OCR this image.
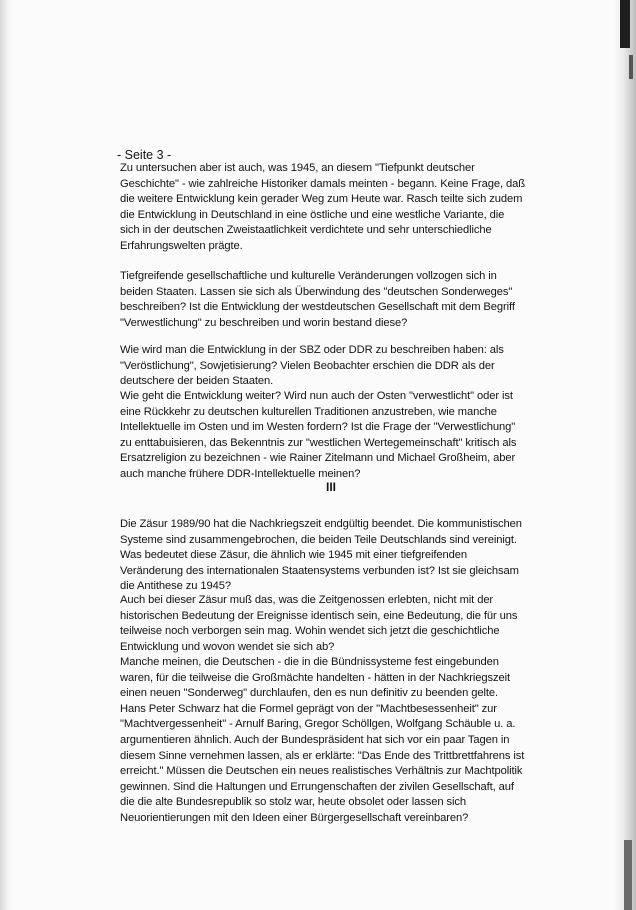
- Seite 3 -

Zu untersuchen aber ist auch, was 1945, an diesem "Tiefpunkt deutscher
Geschichte" - wie zahlreiche Historiker damals meinten - begann. Keine Frage, daß
die weitere Entwicklung kein gerader Weg zum Heute war. Rasch teilte sich zudem
die Entwicklung in Deutschland in eine östliche und eine westliche Variante, die
sich in der deutschen Zweistaatlichkeit verdichtete und sehr unterschiedliche
Erfahrungswelten prägte.

Tiefgreifende gesellschaftliche und kulturelle Veränderungen vollzogen sich in
beiden Staaten. Lassen sie sich als Überwindung des "deutschen Sonderweges"
beschreiben? Ist die Entwicklung der westdeutschen Gesellschaft mit dem Begriff
"Verwestlichung" zu beschreiben und worin bestand diese?

Wie wird man die Entwicklung in der SBZ oder DDR zu beschreiben haben: als
"Veröstlichung", Sowjetisierung? Vielen Beobachter erschien die DDR als der
deutschere der beiden Staaten.

Wie geht die Entwicklung weiter? Wird nun auch der Osten "verwestlicht" oder ist
eine Rückkehr zu deutschen kulturellen Traditionen anzustreben, wie manche
Intellektuelle im Osten und im Westen fordern? Ist die Frage der "Verwestlichung"
zu enttabuisieren, das Bekenntnis zur "westlichen Wertegemeinschaft" kritisch als
Ersatzreligion zu bezeichnen - wie Rainer Zitelmann und Michael Großheim, aber
auch manche frühere DDR-Intellektuelle meinen?

III

Die Zäsur 1989/90 hat die Nachkriegszeit endgültig beendet. Die kommunistischen
Systeme sind zusammengebrochen, die beiden Teile Deutschlands sind vereinigt.
Was bedeutet diese Zäsur, die ähnlich wie 1945 mit einer tiefgreifenden
Veränderung des internationalen Staatensystems verbunden ist? Ist sie gleichsam
die Antithese zu 1945?

Auch bei dieser Zäsur muß das, was die Zeitgenossen erlebten, nicht mit der
historischen Bedeutung der Ereignisse identisch sein, eine Bedeutung, die für uns
teilweise noch verborgen sein mag. Wohin wendet sich jetzt die geschichtliche
Entwicklung und wovon wendet sie sich ab?

Manche meinen, die Deutschen - die in die Bündnissysteme fest eingebunden
waren, für die teilweise die Großmächte handelten - hätten in der Nachkriegszeit
einen neuen "Sonderweg" durchlaufen, den es nun definitiv zu beenden gelte.
Hans Peter Schwarz hat die Formel geprägt von der "Machtbesessenheit" zur
"Machtvergessenheit" - Arnulf Baring, Gregor Schöllgen, Wolfgang Schäuble u. a.
argumentieren ähnlich. Auch der Bundespräsident hat sich vor ein paar Tagen in
diesem Sinne vernehmen lassen, als er erklärte: "Das Ende des Trittbrettfahrens ist
erreicht." Müssen die Deutschen ein neues realistisches Verhältnis zur Machtpolitik
gewinnen. Sind die Haltungen und Errungenschaften der zivilen Gesellschaft, auf
die die alte Bundesrepublik so stolz war, heute obsolet oder lassen sich
Neuorientierungen mit den Ideen einer Bürgergesellschaft vereinbaren?
